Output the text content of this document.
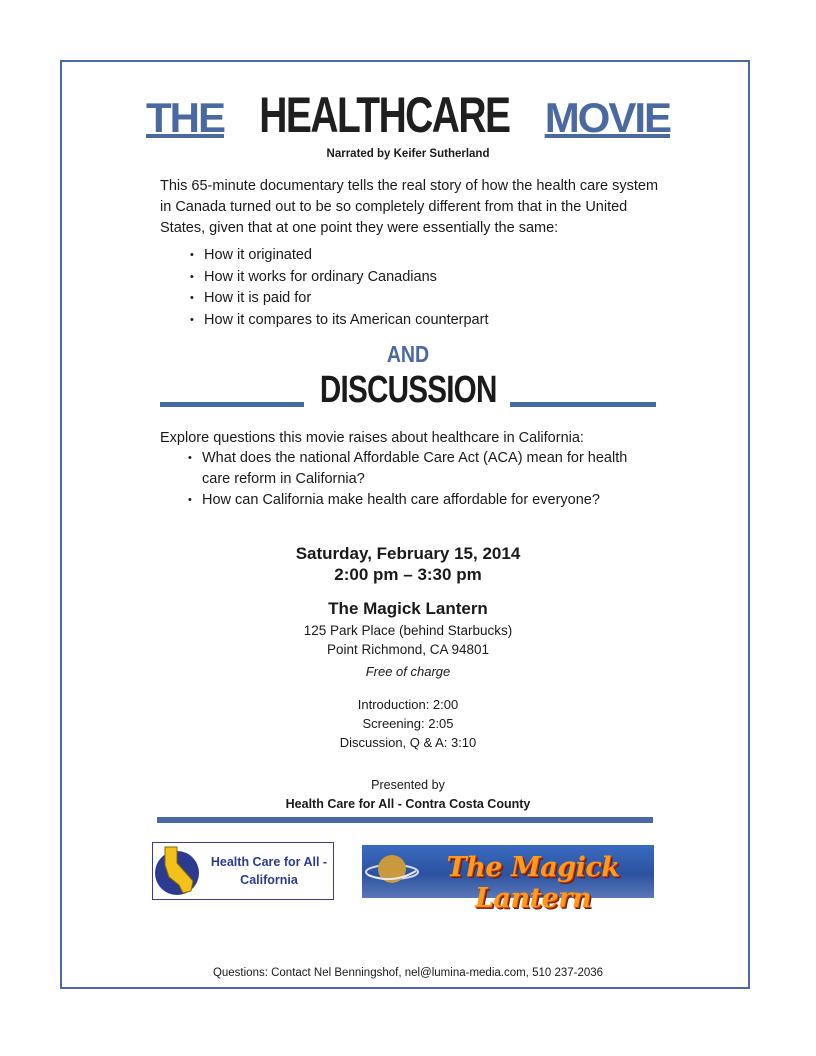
THE HEALTHCARE MOVIE
Narrated by Keifer Sutherland
This 65-minute documentary tells the real story of how the health care system in Canada turned out to be so completely different from that in the United States, given that at one point they were essentially the same:
• How it originated
• How it works for ordinary Canadians
• How it is paid for
• How it compares to its American counterpart
AND
DISCUSSION
Explore questions this movie raises about healthcare in California:
• What does the national Affordable Care Act (ACA) mean for health care reform in California?
• How can California make health care affordable for everyone?
Saturday, February 15, 2014
2:00 pm – 3:30 pm
The Magick Lantern
125 Park Place (behind Starbucks)
Point Richmond, CA 94801
Free of charge
Introduction: 2:00
Screening: 2:05
Discussion, Q & A: 3:10
Presented by
Health Care for All - Contra Costa County
Health Care for All -
California	The Magick Lantern
Questions: Contact Nel Benningshof, nel@lumina-media.com, 510 237-2036
